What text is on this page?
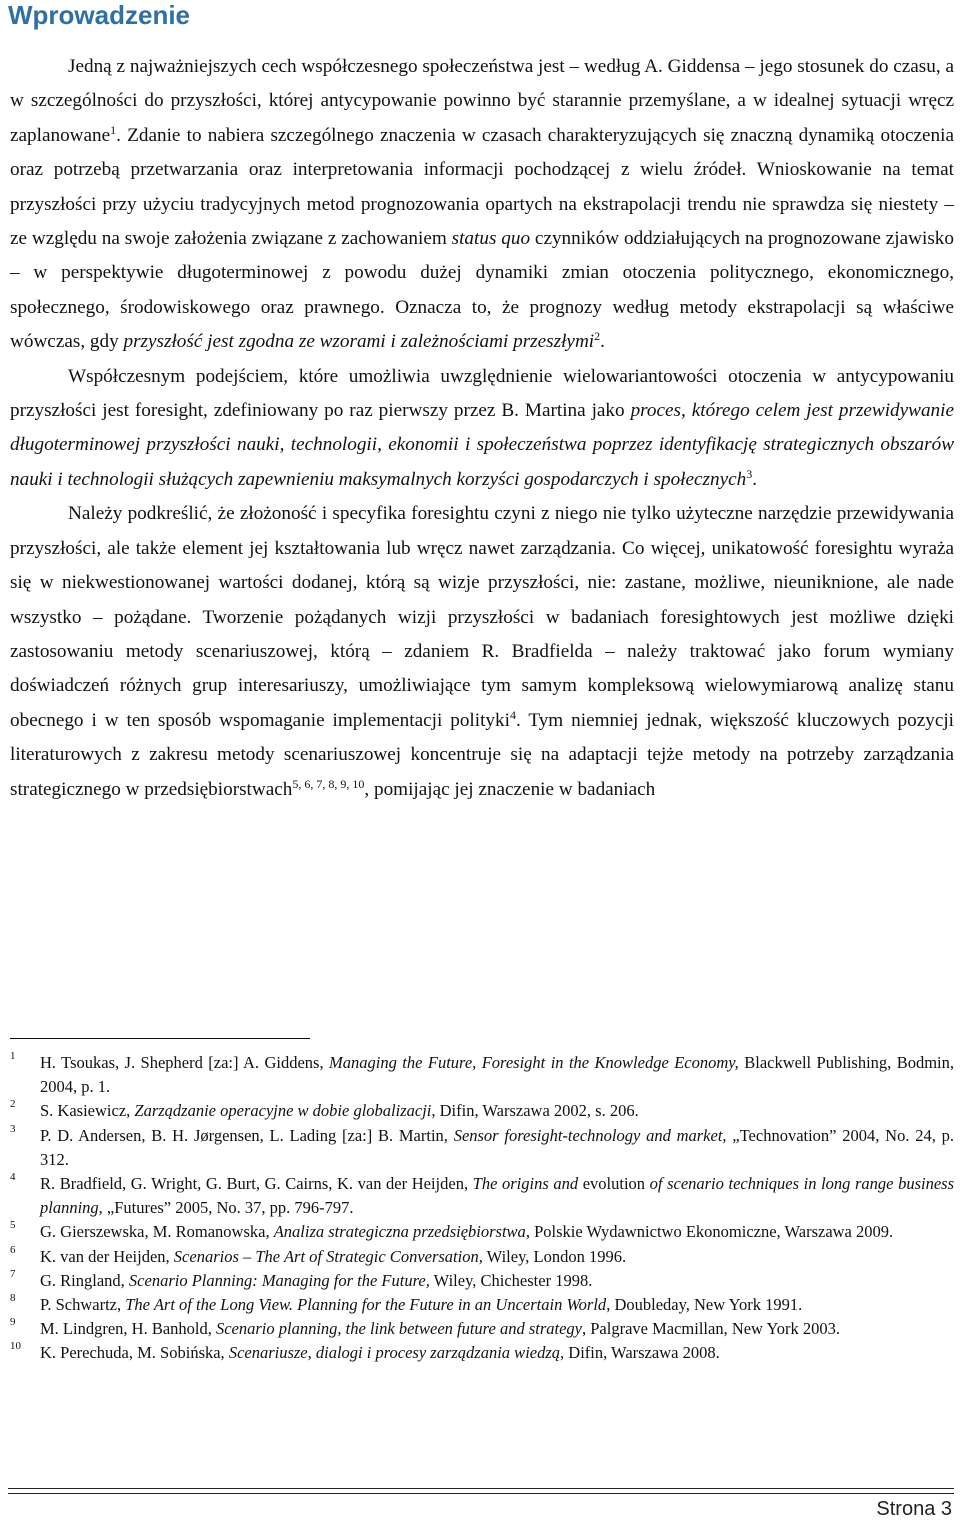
Wprowadzenie

Jedną z najważniejszych cech współczesnego społeczeństwa jest – według A. Giddensa – jego stosunek do czasu, a w szczególności do przyszłości, której antycypowanie powinno być starannie przemyślane, a w idealnej sytuacji wręcz zaplanowane$^1$. Zdanie to nabiera szczególnego znaczenia w czasach charakteryzujących się znaczną dynamiką otoczenia oraz potrzebą przetwarzania oraz interpretowania informacji pochodzącej z wielu źródeł. Wnioskowanie na temat przyszłości przy użyciu tradycyjnych metod prognozowania opartych na ekstrapolacji trendu nie sprawdza się niestety – ze względu na swoje założenia związane z zachowaniem status quo czynników oddziałujących na prognozowane zjawisko – w perspektywie długoterminowej z powodu dużej dynamiki zmian otoczenia politycznego, ekonomicznego, społecznego, środowiskowego oraz prawnego. Oznacza to, że prognozy według metody ekstrapolacji są właściwe wówczas, gdy przyszłość jest zgodna ze wzorami i zależnościami przeszłymi$^2$.

Współczesnym podejściem, które umożliwia uwzględnienie wielowariantowości otoczenia w antycypowaniu przyszłości jest foresight, zdefiniowany po raz pierwszy przez B. Martina jako proces, którego celem jest przewidywanie długoterminowej przyszłości nauki, technologii, ekonomii i społeczeństwa poprzez identyfikację strategicznych obszarów nauki i technologii służących zapewnieniu maksymalnych korzyści gospodarczych i społecznych$^3$.

Należy podkreślić, że złożoność i specyfika foresightu czyni z niego nie tylko użyteczne narzędzie przewidywania przyszłości, ale także element jej kształtowania lub wręcz nawet zarządzania. Co więcej, unikatowość foresightu wyraża się w niekwestionowanej wartości dodanej, którą są wizje przyszłości, nie: zastane, możliwe, nieuniknione, ale nade wszystko – pożądane. Tworzenie pożądanych wizji przyszłości w badaniach foresightowych jest możliwe dzięki zastosowaniu metody scenariuszowej, którą – zdaniem R. Bradfielda – należy traktować jako forum wymiany doświadczeń różnych grup interesariuszy, umożliwiające tym samym kompleksową wielowymiarową analizę stanu obecnego i w ten sposób wspomaganie implementacji polityki$^4$. Tym niemniej jednak, większość kluczowych pozycji literaturowych z zakresu metody scenariuszowej koncentruje się na adaptacji tejże metody na potrzeby zarządzania strategicznego w przedsiębiorstwach$^{5, 6, 7, 8, 9, 10}$, pomijając jej znaczenie w badaniach

1 H. Tsoukas, J. Shepherd [za:] A. Giddens, Managing the Future, Foresight in the Knowledge Economy, Blackwell Publishing, Bodmin, 2004, p. 1.
2 S. Kasiewicz, Zarządzanie operacyjne w dobie globalizacji, Difin, Warszawa 2002, s. 206.
3 P. D. Andersen, B. H. Jørgensen, L. Lading [za:] B. Martin, Sensor foresight-technology and market, „Technovation” 2004, No. 24, p. 312.
4 R. Bradfield, G. Wright, G. Burt, G. Cairns, K. van der Heijden, The origins and evolution of scenario techniques in long range business planning, „Futures” 2005, No. 37, pp. 796-797.
5 G. Gierszewska, M. Romanowska, Analiza strategiczna przedsiębiorstwa, Polskie Wydawnictwo Ekonomiczne, Warszawa 2009.
6 K. van der Heijden, Scenarios – The Art of Strategic Conversation, Wiley, London 1996.
7 G. Ringland, Scenario Planning: Managing for the Future, Wiley, Chichester 1998.
8 P. Schwartz, The Art of the Long View. Planning for the Future in an Uncertain World, Doubleday, New York 1991.
9 M. Lindgren, H. Banhold, Scenario planning, the link between future and strategy, Palgrave Macmillan, New York 2003.
10 K. Perechuda, M. Sobińska, Scenariusze, dialogi i procesy zarządzania wiedzą, Difin, Warszawa 2008.
Strona 3
